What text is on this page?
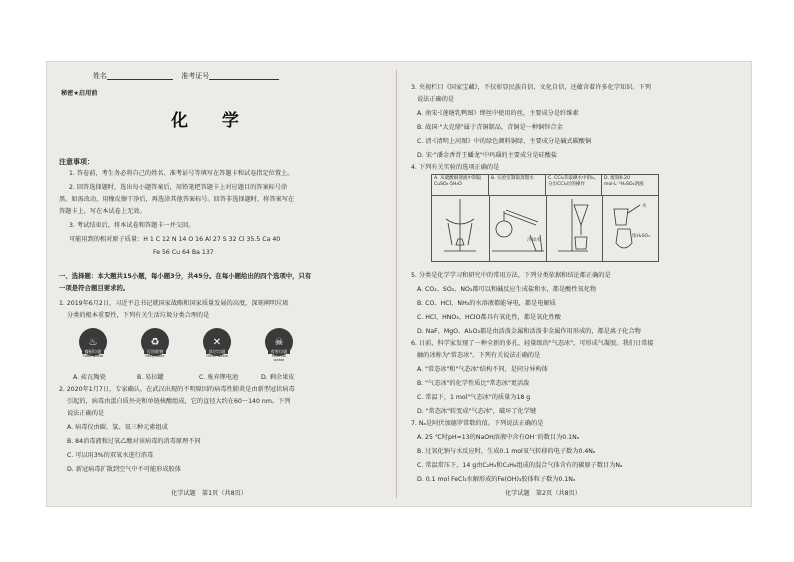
姓名	准考证号
秘密★启用前
化 学
注意事项：
1. 答卷前，考生务必将自己的姓名、准考证号等填写在答题卡和试卷指定位置上。
2. 回答选择题时，选出每小题答案后，用铅笔把答题卡上对应题目的答案标号涂
黑。如需改动，用橡皮擦干净后，再选涂其他答案标号。回答非选择题时，将答案写在
答题卡上，写在本试卷上无效。
3. 考试结束后，将本试卷和答题卡一并交回。
可能用到的相对原子质量：H 1 C 12 N 14 O 16 Al 27 S 32 Cl 35.5 Ca 40
Fe 56 Cu 64 Ba 137
一、选择题：本大题共15小题，每小题3分，共45分。在每小题给出的四个选项中，只有
一项是符合题目要求的。
1. 2019年6月2日，习近平总书记就国家战略和国家质量发展的高度，深刻阐明垃圾
分类的根本重要性，下列有关生活垃圾分类合理的是
♨
餐厨垃圾
Food waste
♻
可回收物
Recyclable
✕
其它垃圾
Other waste
☠
有害垃圾
Harmful waste
A. 砖瓦陶瓷	B. 易拉罐	C. 废弃锂电池	D. 剩余果皮
2. 2020年1月7日，专家确认，在武汉出现的不明原因的病毒性肺炎是由新型冠状病毒
引起的，病毒由蛋白质外壳和单链核酸组成，它的直径大约在60～140 nm。下列
说法正确的是
A. 病毒仅由碳、氢、氧三种元素组成
B. 84消毒液和过氧乙酸对该病毒的消毒原理不同
C. 可以用3%的双氧水进行消毒
D. 新冠病毒扩散到空气中不可能形成胶体
化学试题　第1页（共8页）
3. 央视栏目《国家宝藏》，不仅彰显民族自信、文化自信，还蕴含着许多化学知识。下列
说法正确的是
A. 南宋·《莲塘乳鸭图》缂丝中使用的丝，主要成分是纤维素
B. 战国·"大克鼎"属于青铜制品，青铜是一种铜锌合金
C. 清·《清明上河图》中的绿色颜料铜绿，主要成分是碱式碳酸铜
D. 宋·"潘金香背王蟠龙"中玛瑙的主要成分是硅酸盐
4. 下列有关实验的选项正确的是
A. 从硫酸铜溶液中制取CuSO₄·5H₂O
B. 实验室制取蒸馏水	C. CCl₄萃取碘水中的I₂，分出CCl₄层的操作
D. 配制0.20 mol·L⁻¹H₂SO₄溶液
冷却水
水
浓H₂SO₄
5. 分类是化学学习和研究中的常用方法，下列分类依据和结论都正确的是
A. CO₂、SO₂、NO₂都可以和碱反应生成盐和水，都是酸性氧化物
B. CO、HCl、NH₃的水溶液都能导电，都是电解质
C. HCl、HNO₃、HClO都具有氧化性，都是氧化性酸
D. NaF、MgO、Al₂O₃都是由活泼金属和活泼非金属作用形成的，都是离子化合物
6. 日前，科学家发现了一种全新的多孔、轻量级的"气态冰"，可形成气凝胶。我们日常接
触的冰称为"常态冰"。下列有关说法正确的是
A. "常态冰"和"气态冰"结构不同，是同分异构体
B. "气态冰"的化学性质比"常态冰"更活泼
C. 常温下，1 mol"气态冰"的质量为18 g
D. "常态冰"转变成"气态冰"，破坏了化学键
7. Nₐ是阿伏加德罗常数的值。下列说法正确的是
A. 25 ℃时pH=13的NaOH溶液中含有OH⁻的数目为0.1Nₐ
B. 过氧化钠与水反应时，生成0.1 mol氧气转移的电子数为0.4Nₐ
C. 常温常压下，14 g由C₂H₄和C₃H₆组成的混合气体含有的碳原子数目为Nₐ
D. 0.1 mol FeCl₃水解形成的Fe(OH)₃胶体粒子数为0.1Nₐ
化学试题　第2页（共8页）
